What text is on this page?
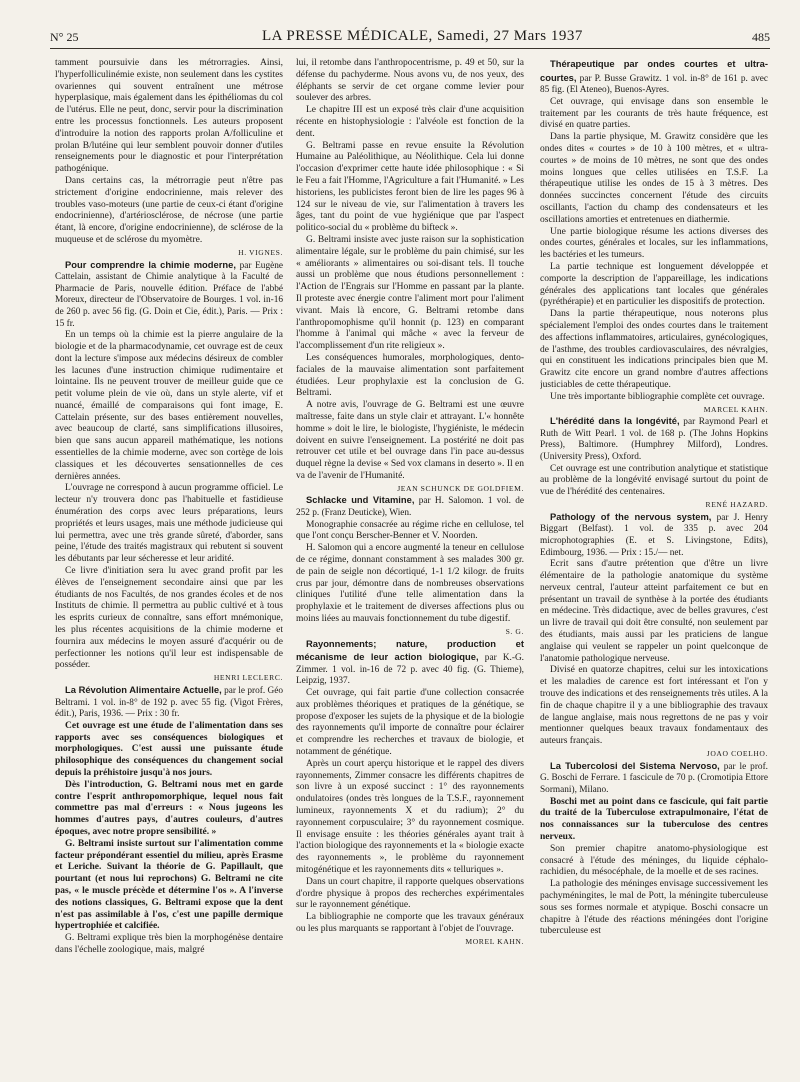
N° 25	LA PRESSE MÉDICALE, Samedi, 27 Mars 1937	485

tamment poursuivie dans les métrorragies. Ainsi, l'hyperfolliculinémie existe, non seulement dans les cystites ovariennes qui souvent entraînent une métrose hyperplasique, mais également dans les épithéliomas du col de l'utérus. Elle ne peut, donc, servir pour la discrimination entre les processus fonctionnels. Les auteurs proposent d'introduire la notion des rapports prolan A/folliculine et prolan B/lutéine qui leur semblent pouvoir donner d'utiles renseignements pour le diagnostic et pour l'interprétation pathogénique.

Dans certains cas, la métrorragie peut n'être pas strictement d'origine endocrinienne, mais relever des troubles vaso-moteurs (une partie de ceux-ci étant d'origine endocrinienne), d'artériosclérose, de nécrose (une partie étant, là encore, d'origine endocrinienne), de sclérose de la muqueuse et de sclérose du myomètre.

H. VIGNES.

Pour comprendre la chimie moderne, par Eugène Cattelain, assistant de Chimie analytique à la Faculté de Pharmacie de Paris, nouvelle édition. Préface de l'abbé Moreux, directeur de l'Observatoire de Bourges. 1 vol. in-16 de 260 p. avec 56 fig. (G. Doin et Cie, édit.), Paris. — Prix : 15 fr.

En un temps où la chimie est la pierre angulaire de la biologie et de la pharmacodynamie, cet ouvrage est de ceux dont la lecture s'impose aux médecins désireux de combler les lacunes d'une instruction chimique rudimentaire et lointaine. Ils ne peuvent trouver de meilleur guide que ce petit volume plein de vie où, dans un style alerte, vif et nuancé, émaillé de comparaisons qui font image, E. Cattelain présente, sur des bases entièrement nouvelles, avec beaucoup de clarté, sans simplifications illusoires, bien que sans aucun appareil mathématique, les notions essentielles de la chimie moderne, avec son cortège de lois classiques et les découvertes sensationnelles de ces dernières années.

L'ouvrage ne correspond à aucun programme officiel. Le lecteur n'y trouvera donc pas l'habituelle et fastidieuse énumération des corps avec leurs préparations, leurs propriétés et leurs usages, mais une méthode judicieuse qui lui permettra, avec une très grande sûreté, d'aborder, sans peine, l'étude des traités magistraux qui rebutent si souvent les débutants par leur sécheresse et leur aridité.

Ce livre d'initiation sera lu avec grand profit par les élèves de l'enseignement secondaire ainsi que par les étudiants de nos Facultés, de nos grandes écoles et de nos Instituts de chimie. Il permettra au public cultivé et à tous les esprits curieux de connaître, sans effort mnémonique, les plus récentes acquisitions de la chimie moderne et fournira aux médecins le moyen assuré d'acquérir ou de perfectionner les notions qu'il leur est indispensable de posséder.

HENRI LECLERC.

La Révolution Alimentaire Actuelle, par le prof. Géo Beltrami. 1 vol. in-8° de 192 p. avec 55 fig. (Vigot Frères, édit.), Paris, 1936. — Prix : 30 fr.

Cet ouvrage est une étude de l'alimentation dans ses rapports avec ses conséquences biologiques et morphologiques. C'est aussi une puissante étude philosophique des conséquences du changement social depuis la préhistoire jusqu'à nos jours.

Dès l'introduction, G. Beltrami nous met en garde contre l'esprit anthropomorphique, lequel nous fait commettre pas mal d'erreurs : « Nous jugeons les hommes d'autres pays, d'autres couleurs, d'autres époques, avec notre propre sensibilité. »

G. Beltrami insiste surtout sur l'alimentation comme facteur prépondérant essentiel du milieu, après Erasme et Leriche. Suivant la théorie de G. Papillault, que pourtant (et nous lui reprochons) G. Beltrami ne cite pas, « le muscle précède et détermine l'os ». A l'inverse des notions classiques, G. Beltrami expose que la dent n'est pas assimilable à l'os, c'est une papille dermique hypertrophiée et calcifiée.

G. Beltrami explique très bien la morphogénèse dentaire dans l'échelle zoologique, mais, malgré

lui, il retombe dans l'anthropocentrisme, p. 49 et 50, sur la défense du pachyderme. Nous avons vu, de nos yeux, des éléphants se servir de cet organe comme levier pour soulever des arbres.

Le chapitre III est un exposé très clair d'une acquisition récente en histophysiologie : l'alvéole est fonction de la dent.

G. Beltrami passe en revue ensuite la Révolution Humaine au Paléolithique, au Néolithique. Cela lui donne l'occasion d'exprimer cette haute idée philosophique : « Si le Feu a fait l'Homme, l'Agriculture a fait l'Humanité. » Les historiens, les publicistes feront bien de lire les pages 96 à 124 sur le niveau de vie, sur l'alimentation à travers les âges, tant du point de vue hygiénique que par l'aspect politico-social du « problème du bifteck ».

G. Beltrami insiste avec juste raison sur la sophistication alimentaire légale, sur le problème du pain chimisé, sur les « améliorants » alimentaires ou soi-disant tels. Il touche aussi un problème que nous étudions personnellement : l'Action de l'Engrais sur l'Homme en passant par la plante. Il proteste avec énergie contre l'aliment mort pour l'aliment vivant. Mais là encore, G. Beltrami retombe dans l'anthropomophisme qu'il honnit (p. 123) en comparant l'homme à l'animal qui mâche « avec la ferveur de l'accomplissement d'un rite religieux ».

Les conséquences humorales, morphologiques, dento-faciales de la mauvaise alimentation sont parfaitement étudiées. Leur prophylaxie est la conclusion de G. Beltrami.

A notre avis, l'ouvrage de G. Beltrami est une œuvre maîtresse, faite dans un style clair et attrayant. L'« honnête homme » doit le lire, le biologiste, l'hygiéniste, le médecin doivent en suivre l'enseignement. La postérité ne doit pas retrouver cet utile et bel ouvrage dans l'in pace au-dessus duquel règne la devise « Sed vox clamans in deserto ». Il en va de l'avenir de l'Humanité.

JEAN SCHUNCK DE GOLDFIEM.

Schlacke und Vitamine, par H. Salomon. 1 vol. de 252 p. (Franz Deuticke), Wien.

Monographie consacrée au régime riche en cellulose, tel que l'ont conçu Berscher-Benner et V. Noorden.

H. Salomon qui a encore augmenté la teneur en cellulose de ce régime, donnant constamment à ses malades 300 gr. de pain de seigle non décortiqué, 1-1 1/2 kilogr. de fruits crus par jour, démontre dans de nombreuses observations cliniques l'utilité d'une telle alimentation dans la prophylaxie et le traitement de diverses affections plus ou moins liées au mauvais fonctionnement du tube digestif.

S. G.

Rayonnements; nature, production et mécanisme de leur action biologique, par K.-G. Zimmer. 1 vol. in-16 de 72 p. avec 40 fig. (G. Thieme), Leipzig, 1937.

Cet ouvrage, qui fait partie d'une collection consacrée aux problèmes théoriques et pratiques de la génétique, se propose d'exposer les sujets de la physique et de la biologie des rayonnements qu'il importe de connaître pour éclairer et comprendre les recherches et travaux de biologie, et notamment de génétique.

Après un court aperçu historique et le rappel des divers rayonnements, Zimmer consacre les différents chapitres de son livre à un exposé succinct : 1° des rayonnements ondulatoires (ondes très longues de la T.S.F., rayonnement lumineux, rayonnements X et du radium); 2° du rayonnement corpusculaire; 3° du rayonnement cosmique. Il envisage ensuite : les théories générales ayant trait à l'action biologique des rayonnements et la « biologie exacte des rayonnements », le problème du rayonnement mitogénétique et les rayonnements dits « telluriques ».

Dans un court chapitre, il rapporte quelques observations d'ordre physique à propos des recherches expérimentales sur le rayonnement génétique.

La bibliographie ne comporte que les travaux généraux ou les plus marquants se rapportant à l'objet de l'ouvrage.

MOREL KAHN.

Thérapeutique par ondes courtes et ultra-courtes, par P. Busse Grawitz. 1 vol. in-8° de 161 p. avec 85 fig. (El Ateneo), Buenos-Ayres.

Cet ouvrage, qui envisage dans son ensemble le traitement par les courants de très haute fréquence, est divisé en quatre parties.

Dans la partie physique, M. Grawitz considère que les ondes dites « courtes » de 10 à 100 mètres, et « ultra-courtes » de moins de 10 mètres, ne sont que des ondes moins longues que celles utilisées en T.S.F. La thérapeutique utilise les ondes de 15 à 3 mètres. Des données succinctes concernent l'étude des circuits oscillants, l'action du champ des condensateurs et les oscillations amorties et entretenues en diathermie.

Une partie biologique résume les actions diverses des ondes courtes, générales et locales, sur les inflammations, les bactéries et les tumeurs.

La partie technique est longuement développée et comporte la description de l'appareillage, les indications générales des applications tant locales que générales (pyréthérapie) et en particulier les dispositifs de protection.

Dans la partie thérapeutique, nous noterons plus spécialement l'emploi des ondes courtes dans le traitement des affections inflammatoires, articulaires, gynécologiques, de l'asthme, des troubles cardiovasculaires, des névralgies, qui en constituent les indications principales bien que M. Grawitz cite encore un grand nombre d'autres affections justiciables de cette thérapeutique.

Une très importante bibliographie complète cet ouvrage.

MARCEL KAHN.

L'hérédité dans la longévité, par Raymond Pearl et Ruth de Witt Pearl. 1 vol. de 168 p. (The Johns Hopkins Press), Baltimore. (Humphrey Milford), Londres. (University Press), Oxford.

Cet ouvrage est une contribution analytique et statistique au problème de la longévité envisagé surtout du point de vue de l'hérédité des centenaires.

RENÉ HAZARD.

Pathology of the nervous system, par J. Henry Biggart (Belfast). 1 vol. de 335 p. avec 204 microphotographies (E. et S. Livingstone, Edits), Edimbourg, 1936. — Prix : 15./— net.

Ecrit sans d'autre prétention que d'être un livre élémentaire de la pathologie anatomique du système nerveux central, l'auteur atteint parfaitement ce but en présentant un travail de synthèse à la portée des étudiants en médecine. Très didactique, avec de belles gravures, c'est un livre de travail qui doit être consulté, non seulement par des étudiants, mais aussi par les praticiens de langue anglaise qui veulent se rappeler un point quelconque de l'anatomie pathologique nerveuse.

Divisé en quatorze chapitres, celui sur les intoxications et les maladies de carence est fort intéressant et l'on y trouve des indications et des renseignements très utiles. A la fin de chaque chapitre il y a une bibliographie des travaux de langue anglaise, mais nous regrettons de ne pas y voir mentionner quelques beaux travaux fondamentaux des auteurs français.

JOAO COELHO.

La Tubercolosi del Sistema Nervoso, par le prof. G. Boschi de Ferrare. 1 fascicule de 70 p. (Cromotipia Ettore Sormani), Milano.

Boschi met au point dans ce fascicule, qui fait partie du traité de la Tuberculose extrapulmonaire, l'état de nos connaissances sur la tuberculose des centres nerveux.

Son premier chapitre anatomo-physiologique est consacré à l'étude des méninges, du liquide céphalo-rachidien, du mésocéphale, de la moelle et de ses racines.

La pathologie des méninges envisage successivement les pachyméningites, le mal de Pott, la méningite tuberculeuse sous ses formes normale et atypique. Boschi consacre un chapitre à l'étude des réactions méningées dont l'origine tuberculeuse est
